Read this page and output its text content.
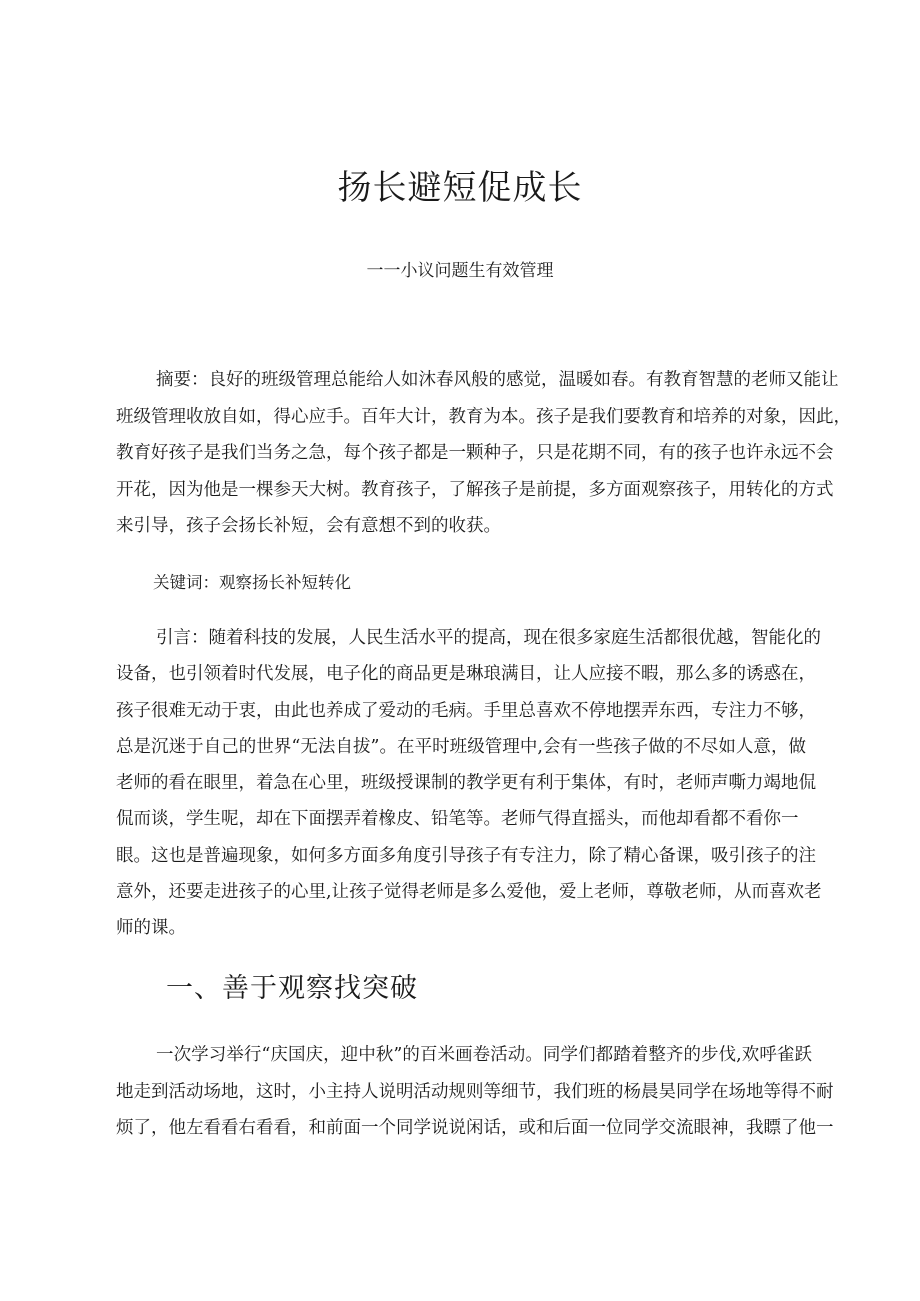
扬长避短促成长

一一小议问题生有效管理

摘要：良好的班级管理总能给人如沐春风般的感觉，温暖如春。有教育智慧的老师又能让

班级管理收放自如，得心应手。百年大计，教育为本。孩子是我们要教育和培养的对象，因此，

教育好孩子是我们当务之急，每个孩子都是一颗种子，只是花期不同，有的孩子也许永远不会

开花，因为他是一棵参天大树。教育孩子，了解孩子是前提，多方面观察孩子，用转化的方式

来引导，孩子会扬长补短，会有意想不到的收获。

关键词：观察扬长补短转化

引言：随着科技的发展，人民生活水平的提高，现在很多家庭生活都很优越，智能化的

设备，也引领着时代发展，电子化的商品更是琳琅满目，让人应接不暇，那么多的诱惑在，

孩子很难无动于衷，由此也养成了爱动的毛病。手里总喜欢不停地摆弄东西，专注力不够，

总是沉迷于自己的世界“无法自拔”。在平时班级管理中,会有一些孩子做的不尽如人意，做

老师的看在眼里，着急在心里，班级授课制的教学更有利于集体，有时，老师声嘶力竭地侃

侃而谈，学生呢，却在下面摆弄着橡皮、铅笔等。老师气得直摇头，而他却看都不看你一

眼。这也是普遍现象，如何多方面多角度引导孩子有专注力，除了精心备课，吸引孩子的注

意外，还要走进孩子的心里,让孩子觉得老师是多么爱他，爱上老师，尊敬老师，从而喜欢老

师的课。

一、善于观察找突破

一次学习举行“庆国庆，迎中秋”的百米画卷活动。同学们都踏着整齐的步伐,欢呼雀跃

地走到活动场地，这时，小主持人说明活动规则等细节，我们班的杨晨昊同学在场地等得不耐

烦了，他左看看右看看，和前面一个同学说说闲话，或和后面一位同学交流眼神，我瞟了他一
